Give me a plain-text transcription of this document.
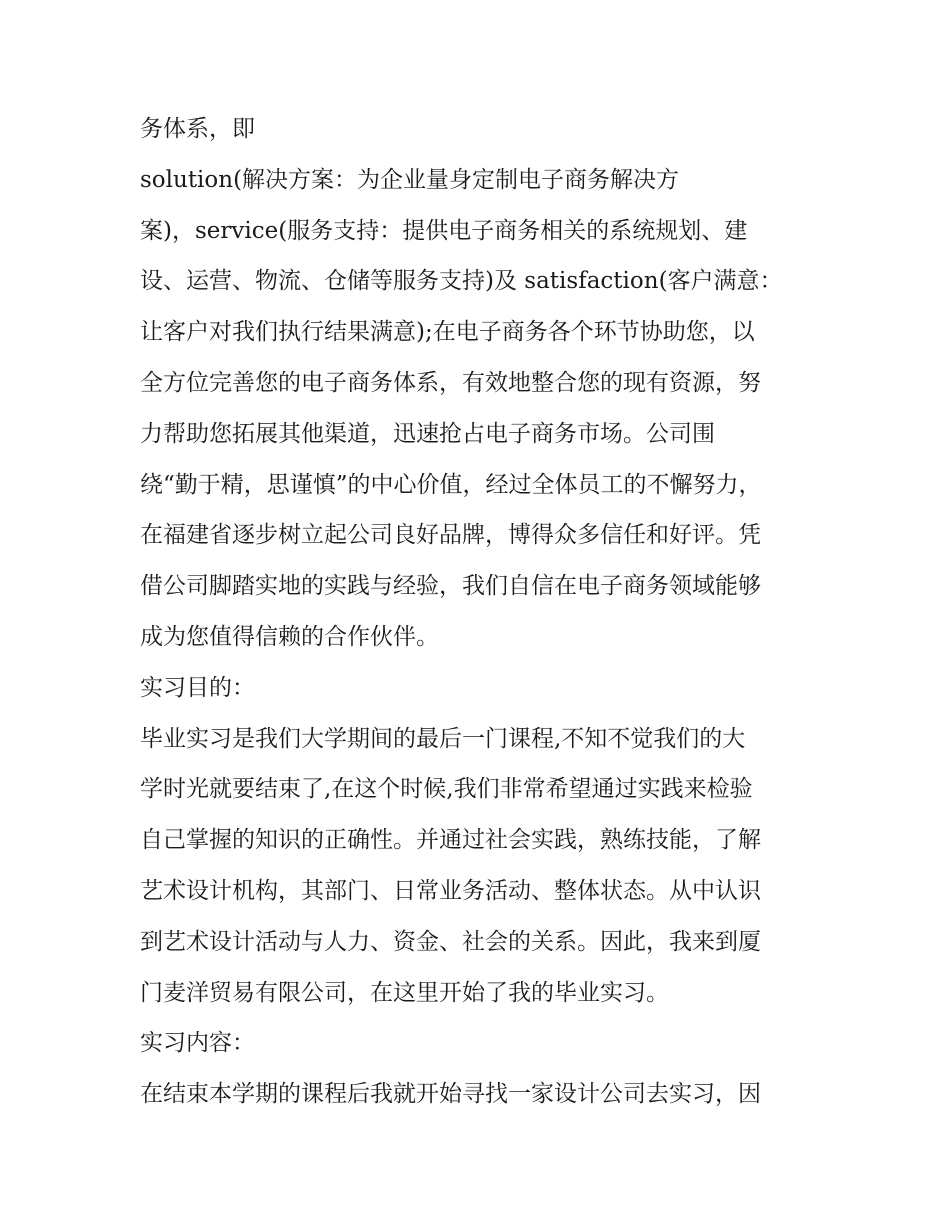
务体系，即
solution(解决方案：为企业量身定制电子商务解决方
案)，service(服务支持：提供电子商务相关的系统规划、建
设、运营、物流、仓储等服务支持)及 satisfaction(客户满意：
让客户对我们执行结果满意);在电子商务各个环节协助您，以
全方位完善您的电子商务体系，有效地整合您的现有资源，努
力帮助您拓展其他渠道，迅速抢占电子商务市场。公司围
绕“勤于精，思谨慎”的中心价值，经过全体员工的不懈努力，
在福建省逐步树立起公司良好品牌，博得众多信任和好评。凭
借公司脚踏实地的实践与经验，我们自信在电子商务领域能够
成为您值得信赖的合作伙伴。
实习目的：
毕业实习是我们大学期间的最后一门课程,不知不觉我们的大
学时光就要结束了,在这个时候,我们非常希望通过实践来检验
自己掌握的知识的正确性。并通过社会实践，熟练技能，了解
艺术设计机构，其部门、日常业务活动、整体状态。从中认识
到艺术设计活动与人力、资金、社会的关系。因此，我来到厦
门麦洋贸易有限公司，在这里开始了我的毕业实习。
实习内容：
在结束本学期的课程后我就开始寻找一家设计公司去实习，因
